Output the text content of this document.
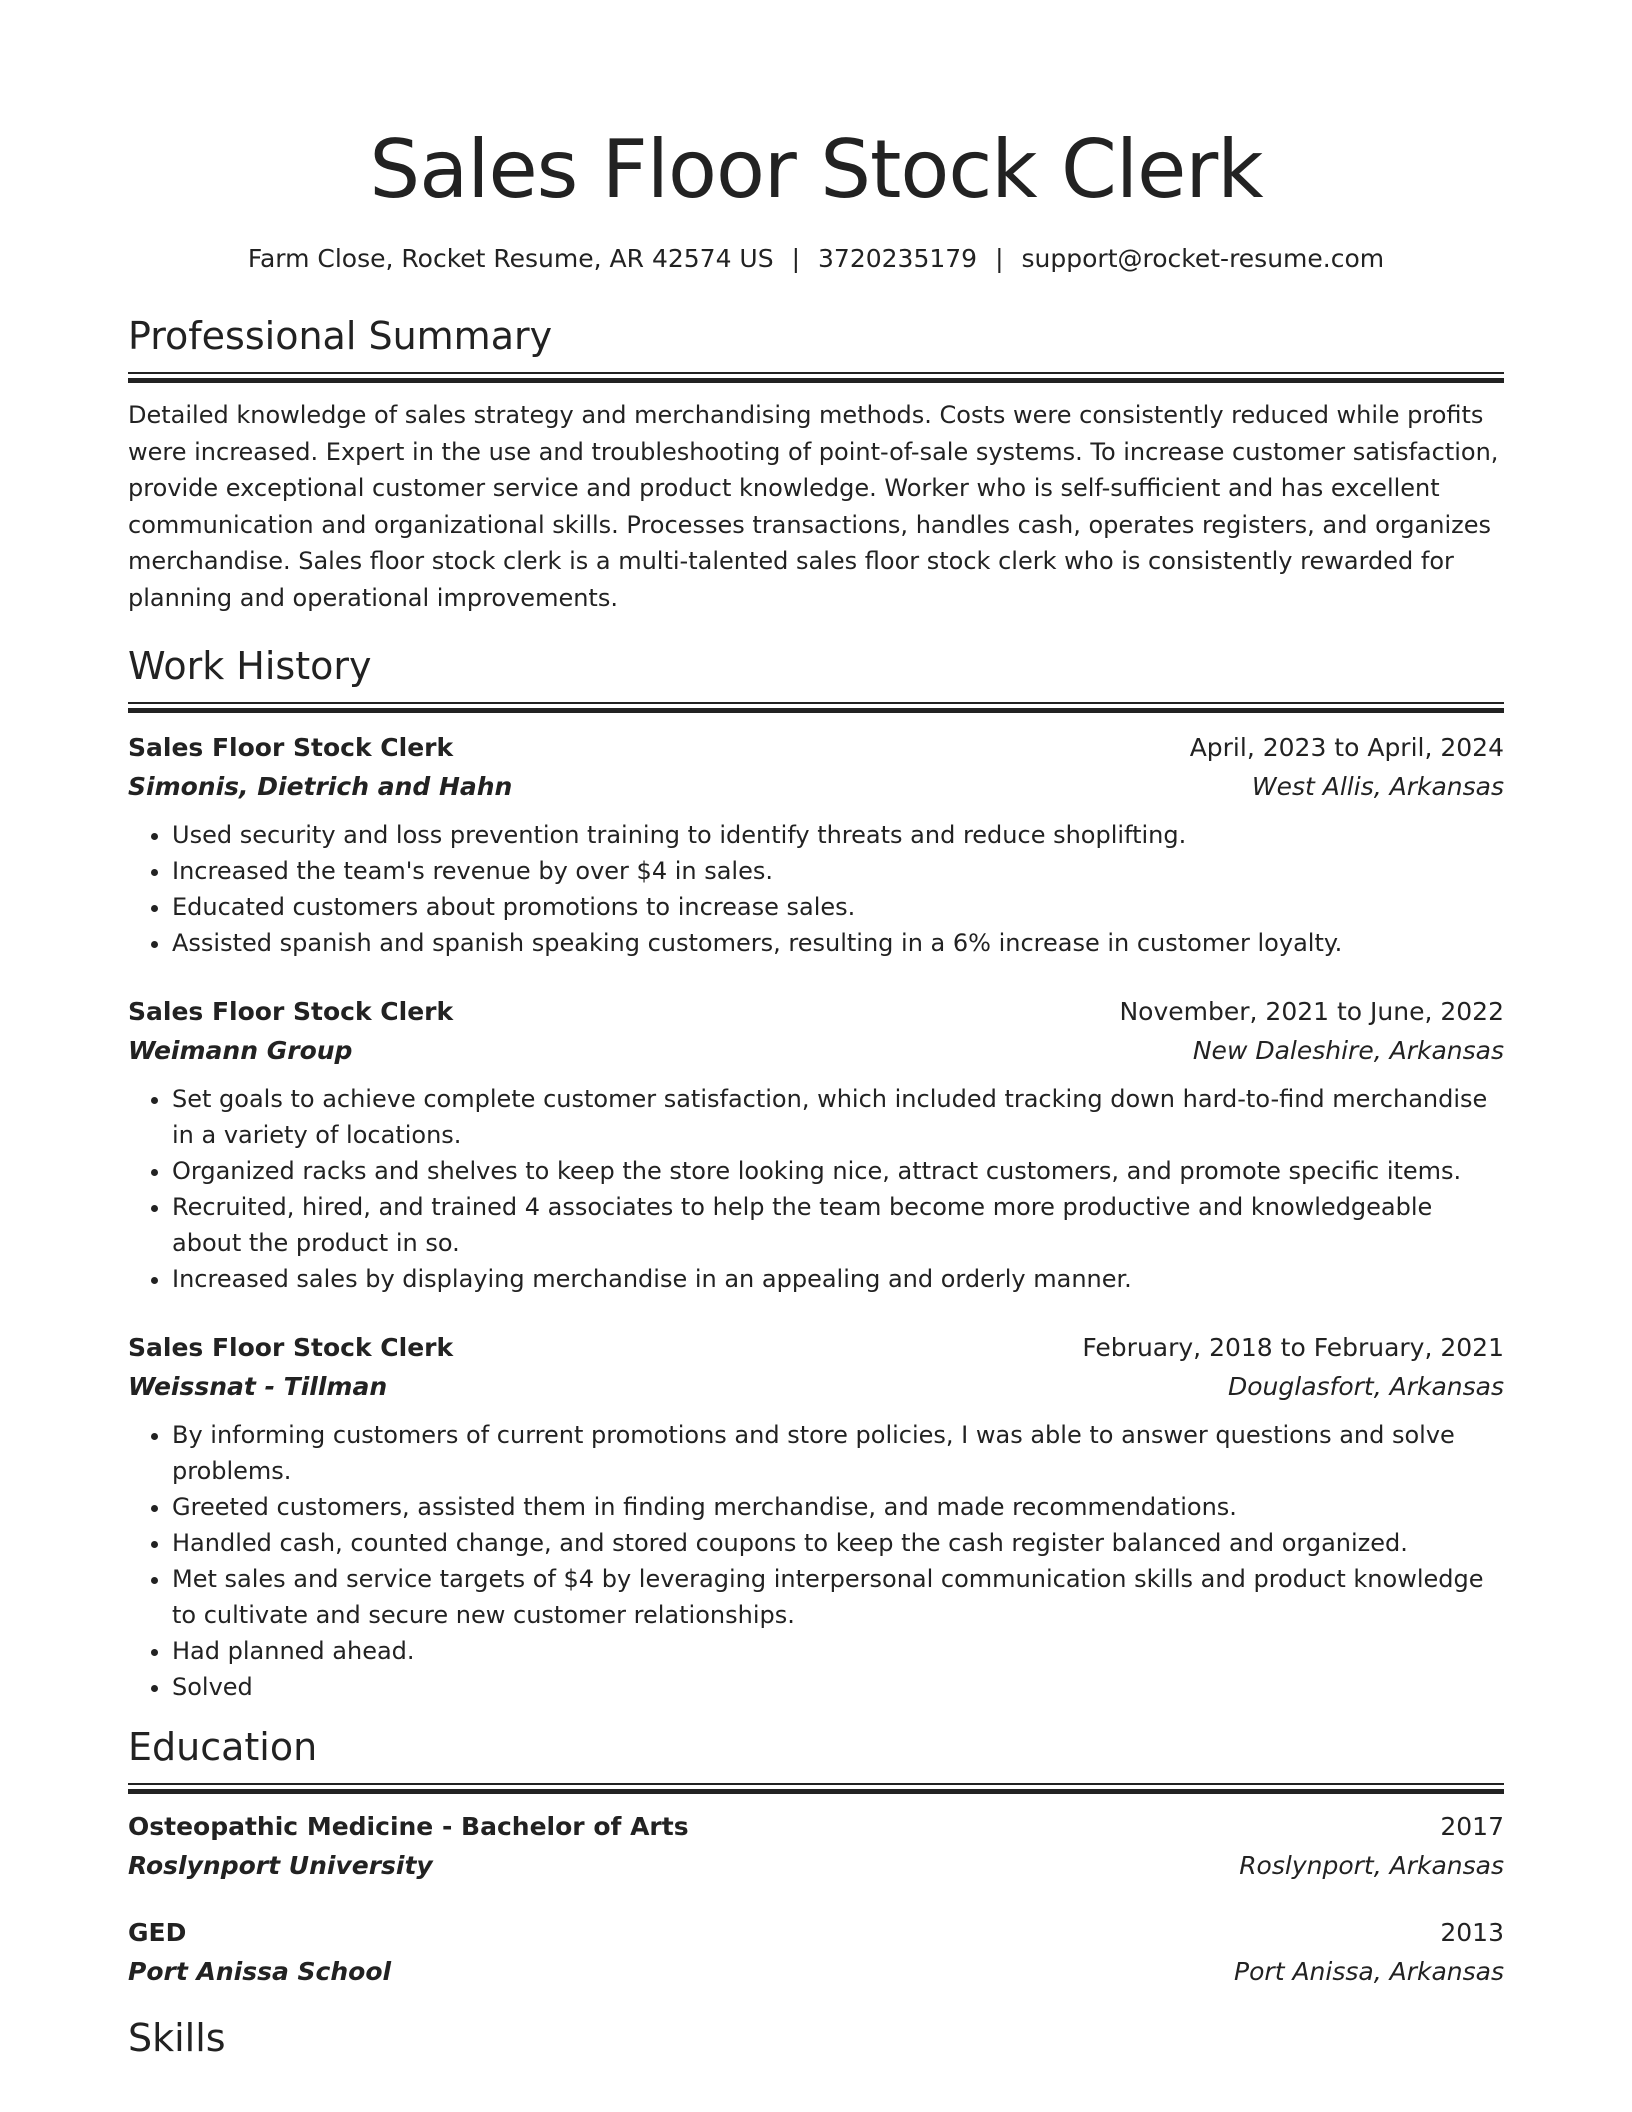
Sales Floor Stock Clerk
Farm Close, Rocket Resume, AR 42574 US | 3720235179 | support@rocket-resume.com
Professional Summary

Detailed knowledge of sales strategy and merchandising methods. Costs were consistently reduced while profits were increased. Expert in the use and troubleshooting of point-of-sale systems. To increase customer satisfaction, provide exceptional customer service and product knowledge. Worker who is self-sufficient and has excellent communication and organizational skills. Processes transactions, handles cash, operates registers, and organizes merchandise. Sales floor stock clerk is a multi-talented sales floor stock clerk who is consistently rewarded for planning and operational improvements.

Work History
Sales Floor Stock Clerk	April, 2023 to April, 2024
Simonis, Dietrich and Hahn	West Allis, Arkansas
• Used security and loss prevention training to identify threats and reduce shoplifting.
• Increased the team's revenue by over $4 in sales.
• Educated customers about promotions to increase sales.
• Assisted spanish and spanish speaking customers, resulting in a 6% increase in customer loyalty.
Sales Floor Stock Clerk	November, 2021 to June, 2022
Weimann Group	New Daleshire, Arkansas
• Set goals to achieve complete customer satisfaction, which included tracking down hard-to-find merchandise in a variety of locations.
• Organized racks and shelves to keep the store looking nice, attract customers, and promote specific items.
• Recruited, hired, and trained 4 associates to help the team become more productive and knowledgeable about the product in so.
• Increased sales by displaying merchandise in an appealing and orderly manner.
Sales Floor Stock Clerk	February, 2018 to February, 2021
Weissnat - Tillman	Douglasfort, Arkansas
• By informing customers of current promotions and store policies, I was able to answer questions and solve problems.
• Greeted customers, assisted them in finding merchandise, and made recommendations.
• Handled cash, counted change, and stored coupons to keep the cash register balanced and organized.
• Met sales and service targets of $4 by leveraging interpersonal communication skills and product knowledge to cultivate and secure new customer relationships.
• Had planned ahead.
• Solved
Education
Osteopathic Medicine - Bachelor of Arts	2017
Roslynport University	Roslynport, Arkansas
GED	2013
Port Anissa School	Port Anissa, Arkansas
Skills
